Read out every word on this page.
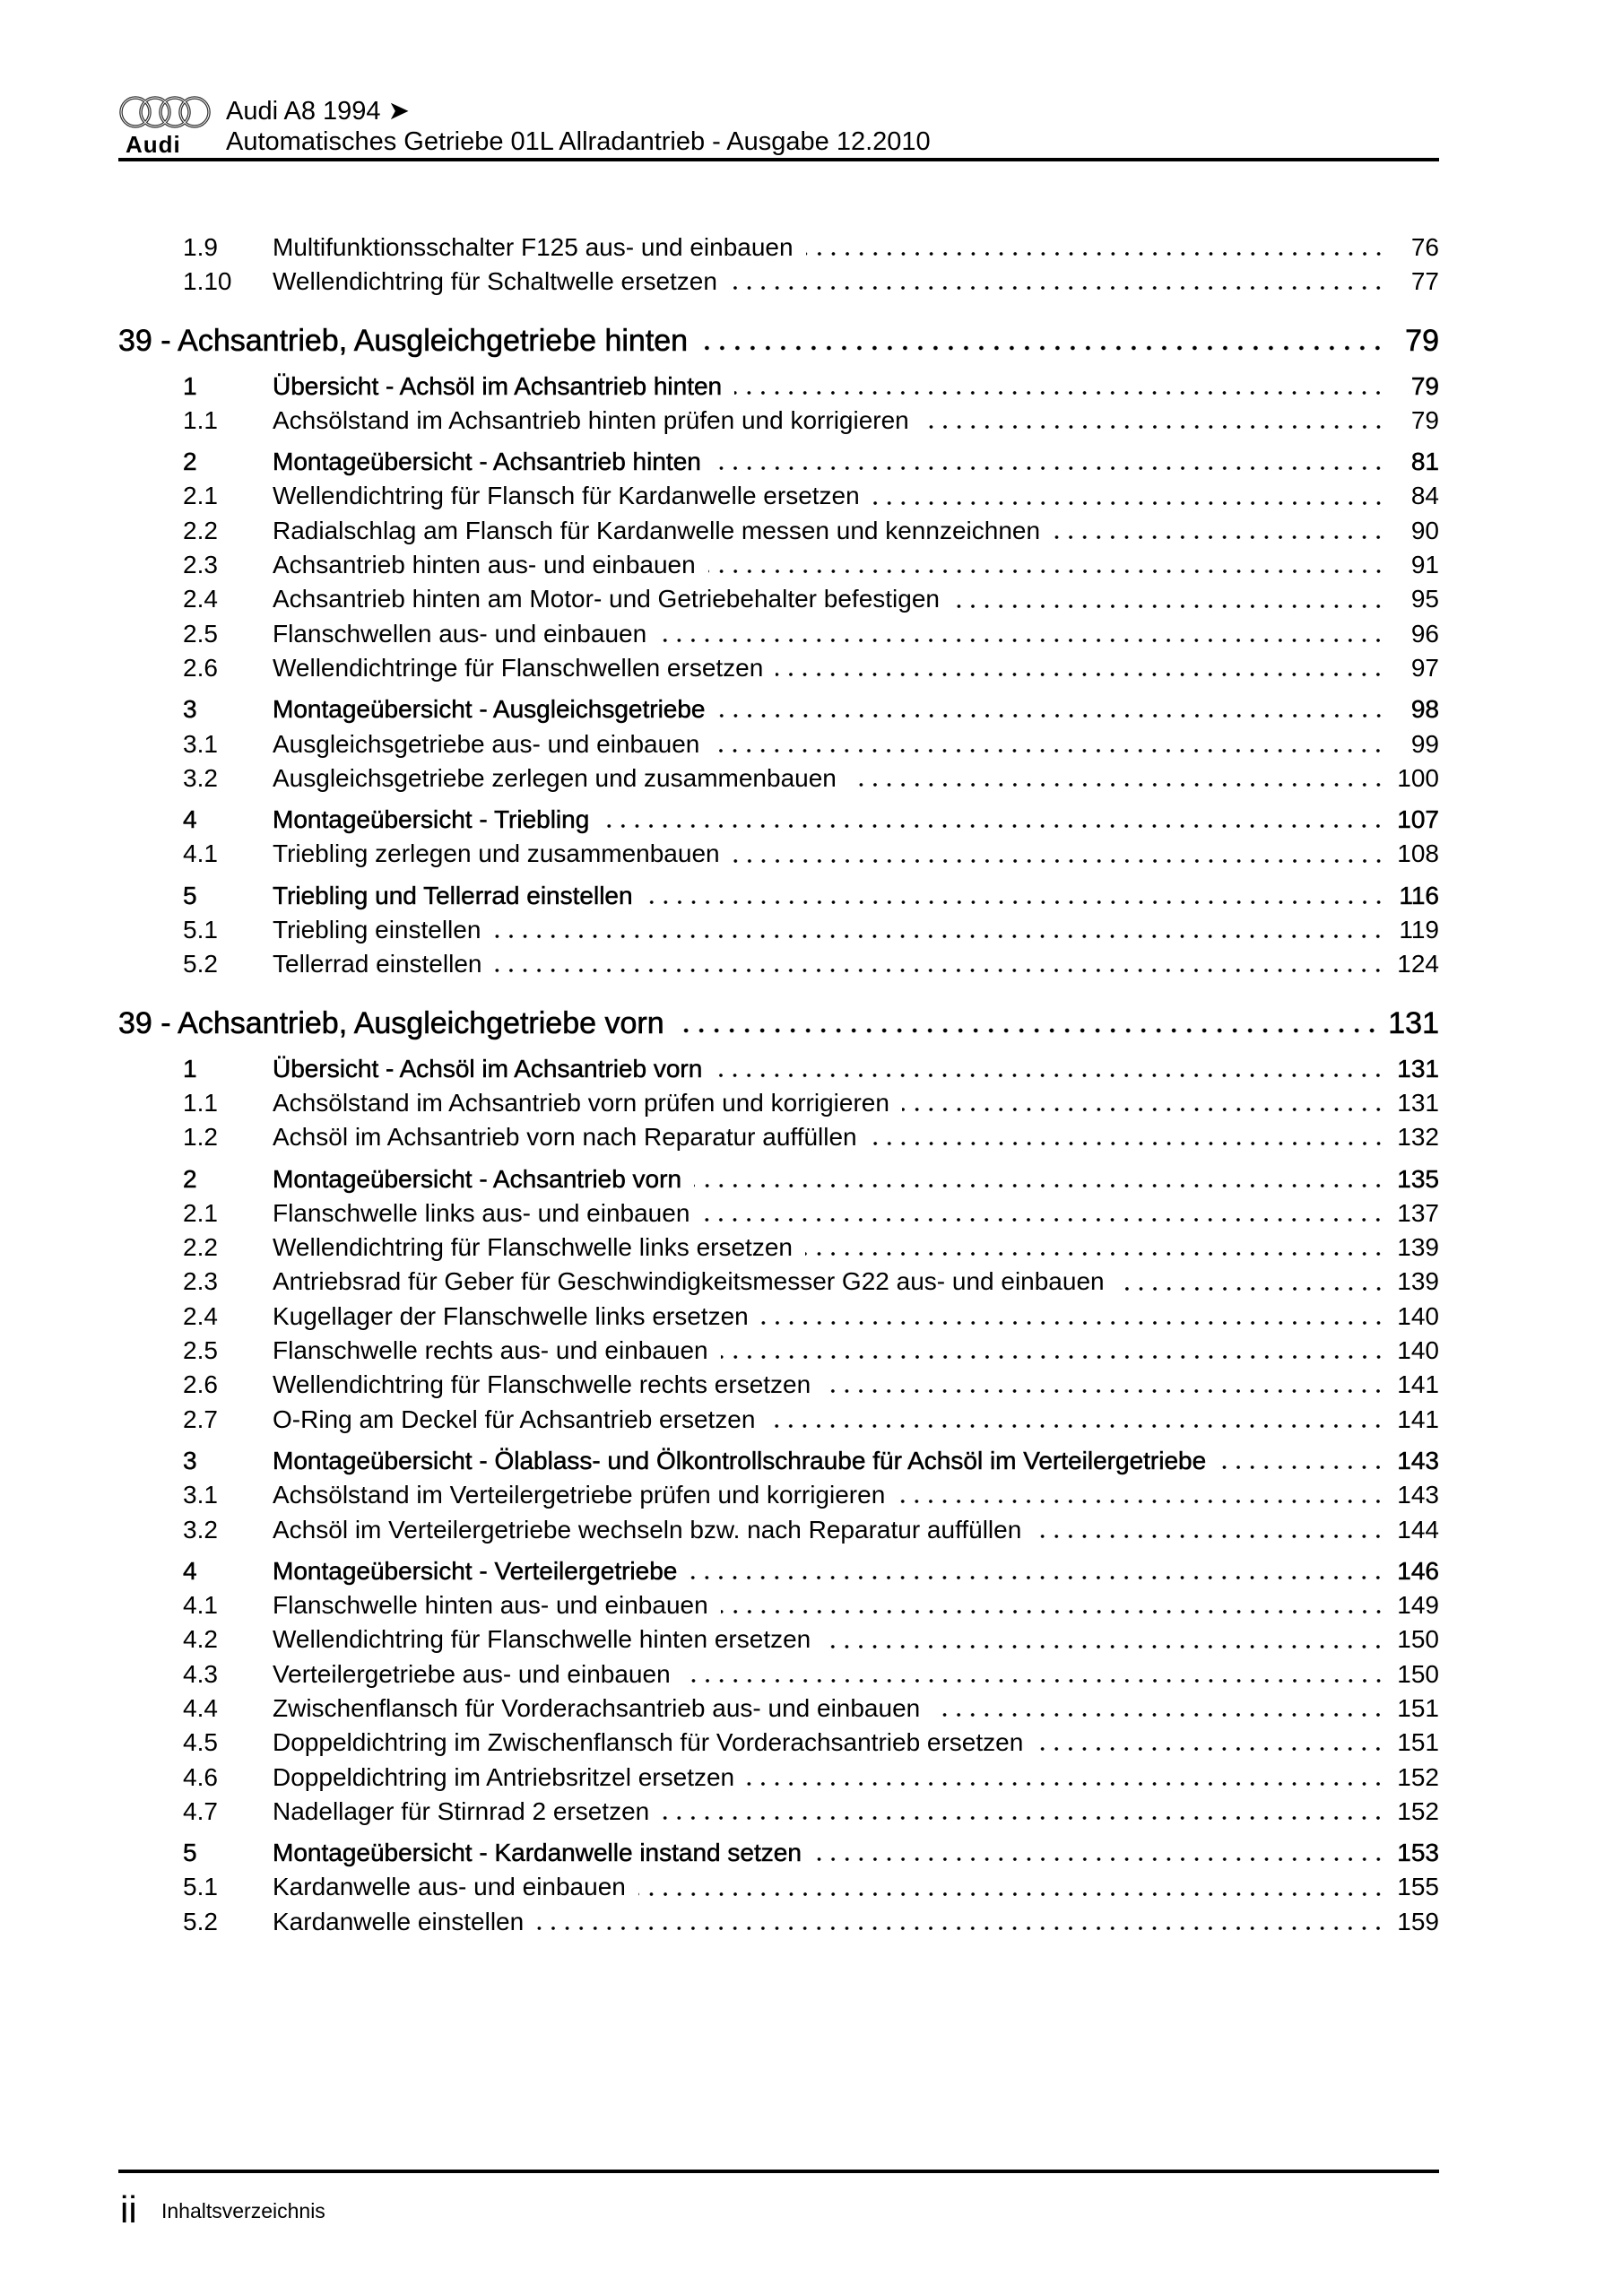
Audi
Audi A8 1994 ➤
Automatisches Getriebe 01L Allradantrieb - Ausgabe 12.2010
1.9	Multifunktionsschalter F125 aus- und einbauen	76
1.10	Wellendichtring für Schaltwelle ersetzen	77
39 - Achsantrieb, Ausgleichgetriebe hinten	79
1	Übersicht - Achsöl im Achsantrieb hinten	79
1.1	Achsölstand im Achsantrieb hinten prüfen und korrigieren	79
2	Montageübersicht - Achsantrieb hinten	81
2.1	Wellendichtring für Flansch für Kardanwelle ersetzen	84
2.2	Radialschlag am Flansch für Kardanwelle messen und kennzeichnen	90
2.3	Achsantrieb hinten aus- und einbauen	91
2.4	Achsantrieb hinten am Motor- und Getriebehalter befestigen	95
2.5	Flanschwellen aus- und einbauen	96
2.6	Wellendichtringe für Flanschwellen ersetzen	97
3	Montageübersicht - Ausgleichsgetriebe	98
3.1	Ausgleichsgetriebe aus- und einbauen	99
3.2	Ausgleichsgetriebe zerlegen und zusammenbauen	100
4	Montageübersicht - Triebling	107
4.1	Triebling zerlegen und zusammenbauen	108
5	Triebling und Tellerrad einstellen	116
5.1	Triebling einstellen	119
5.2	Tellerrad einstellen	124
39 - Achsantrieb, Ausgleichgetriebe vorn	131
1	Übersicht - Achsöl im Achsantrieb vorn	131
1.1	Achsölstand im Achsantrieb vorn prüfen und korrigieren	131
1.2	Achsöl im Achsantrieb vorn nach Reparatur auffüllen	132
2	Montageübersicht - Achsantrieb vorn	135
2.1	Flanschwelle links aus- und einbauen	137
2.2	Wellendichtring für Flanschwelle links ersetzen	139
2.3	Antriebsrad für Geber für Geschwindigkeitsmesser G22 aus- und einbauen	139
2.4	Kugellager der Flanschwelle links ersetzen	140
2.5	Flanschwelle rechts aus- und einbauen	140
2.6	Wellendichtring für Flanschwelle rechts ersetzen	141
2.7	O-Ring am Deckel für Achsantrieb ersetzen	141
3	Montageübersicht - Ölablass- und Ölkontrollschraube für Achsöl im Verteilergetriebe	143
3.1	Achsölstand im Verteilergetriebe prüfen und korrigieren	143
3.2	Achsöl im Verteilergetriebe wechseln bzw. nach Reparatur auffüllen	144
4	Montageübersicht - Verteilergetriebe	146
4.1	Flanschwelle hinten aus- und einbauen	149
4.2	Wellendichtring für Flanschwelle hinten ersetzen	150
4.3	Verteilergetriebe aus- und einbauen	150
4.4	Zwischenflansch für Vorderachsantrieb aus- und einbauen	151
4.5	Doppeldichtring im Zwischenflansch für Vorderachsantrieb ersetzen	151
4.6	Doppeldichtring im Antriebsritzel ersetzen	152
4.7	Nadellager für Stirnrad 2 ersetzen	152
5	Montageübersicht - Kardanwelle instand setzen	153
5.1	Kardanwelle aus- und einbauen	155
5.2	Kardanwelle einstellen	159
ii Inhaltsverzeichnis
